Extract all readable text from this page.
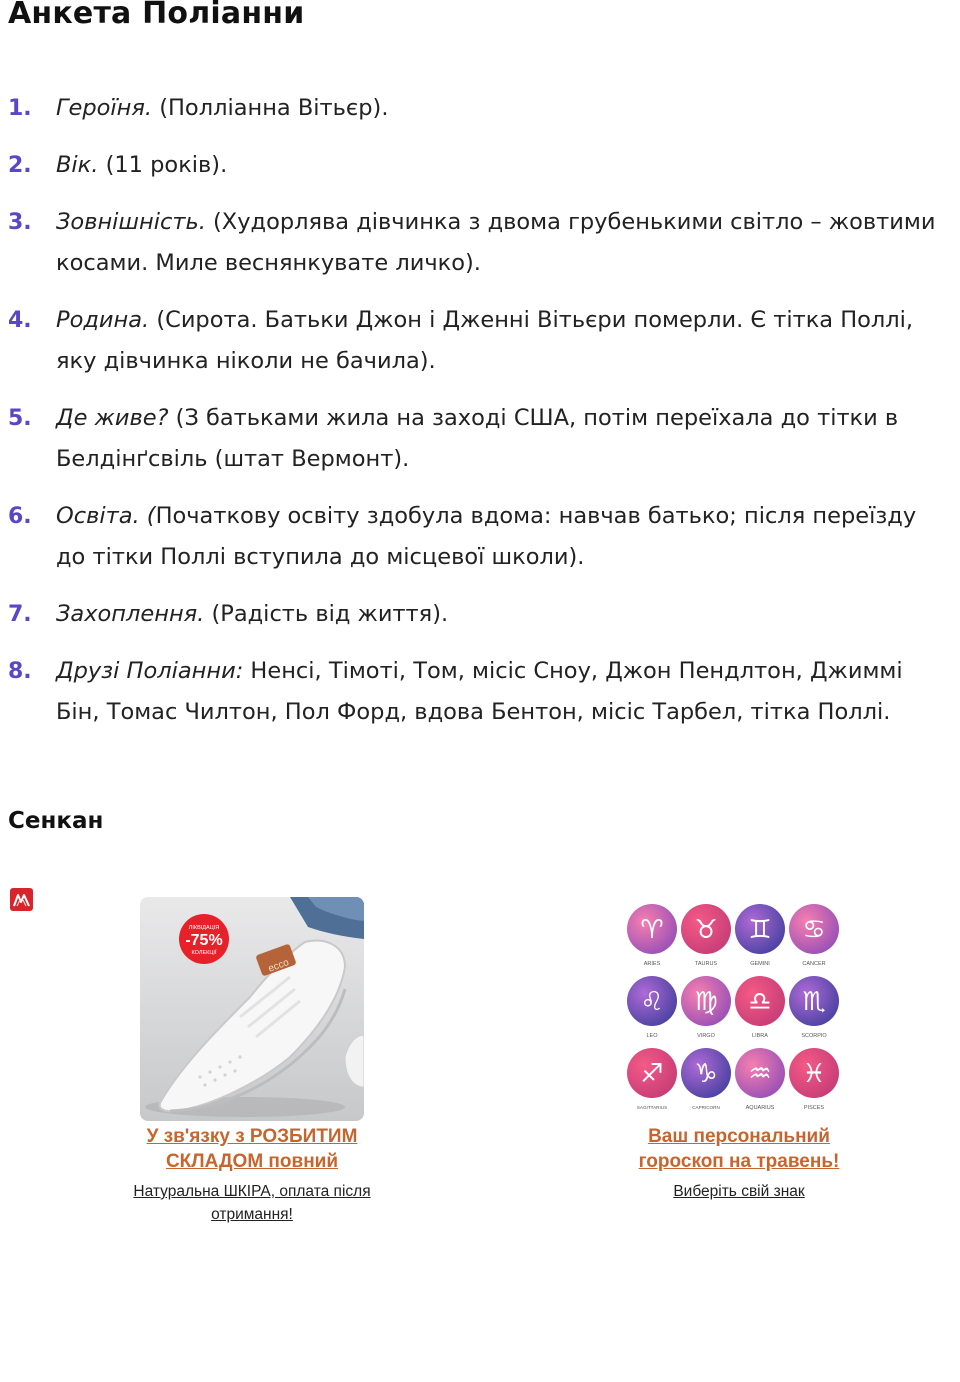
Анкета Поліанни
1. Героїня. (Полліанна Вітьєр).
2. Вік. (11 років).
3. Зовнішність. (Худорлява дівчинка з двома грубенькими світло – жовтими косами. Миле веснянкувате личко).
4. Родина. (Сирота. Батьки Джон і Дженні Вітьєри померли. Є тітка Поллі, яку дівчинка ніколи не бачила).
5. Де живе? (З батьками жила на заході США, потім переїхала до тітки в Белдінґсвіль (штат Вермонт).
6. Освіта. (Початкову освіту здобула вдома: навчав батько; після переїзду до тітки Поллі вступила до місцевої школи).
7. Захоплення. (Радість від життя).
8. Друзі Поліанни: Ненсі, Тімоті, Том, місіс Сноу, Джон Пендлтон, Джиммі Бін, Томас Чилтон, Пол Форд, вдова Бентон, місіс Тарбел, тітка Поллі.
Сенкан
ecco
ЛІКВІДАЦІЯ
-75%
КОЛЕКЦІЇ
У зв'язку з РОЗБИТИМ СКЛАДОМ повний
Натуральна ШКІРА, оплата після отримання!
♈
ARIES
♉
TAURUS
♊
GEMINI
♋
CANCER
♌
LEO
♍
VIRGO
♎
LIBRA
♏
SCORPIO
♐
SAGITTARIUS
♑
CAPRICORN
♒
AQUARIUS
♓
PISCES
Ваш персональний гороскоп на травень!
Виберіть свій знак
